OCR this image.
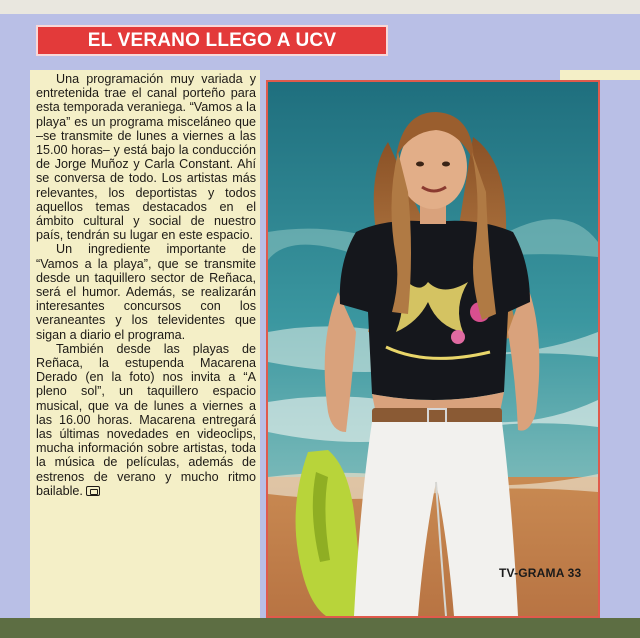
EL VERANO LLEGO A UCV

Una programación muy variada y entretenida trae el canal porteño para esta temporada veraniega. “Vamos a la playa” es un programa misceláneo que –se transmite de lunes a viernes a las 15.00 horas– y está bajo la conducción de Jorge Muñoz y Carla Constant. Ahí se conversa de todo. Los artistas más relevantes, los deportistas y todos aquellos temas destacados en el ámbito cultural y social de nuestro país, tendrán su lugar en este espacio.

Un ingrediente importante de “Vamos a la playa”, que se transmite desde un taquillero sector de Reñaca, será el humor. Además, se realizarán interesantes concursos con los veraneantes y los televidentes que sigan a diario el programa.

También desde las playas de Reñaca, la estupenda Macarena Derado (en la foto) nos invita a “A pleno sol”, un taquillero espacio musical, que va de lunes a viernes a las 16.00 horas. Macarena entregará las últimas novedades en videoclips, mucha información sobre artistas, toda la música de películas, además de estrenos de verano y mucho ritmo bailable.

TV-GRAMA 33
